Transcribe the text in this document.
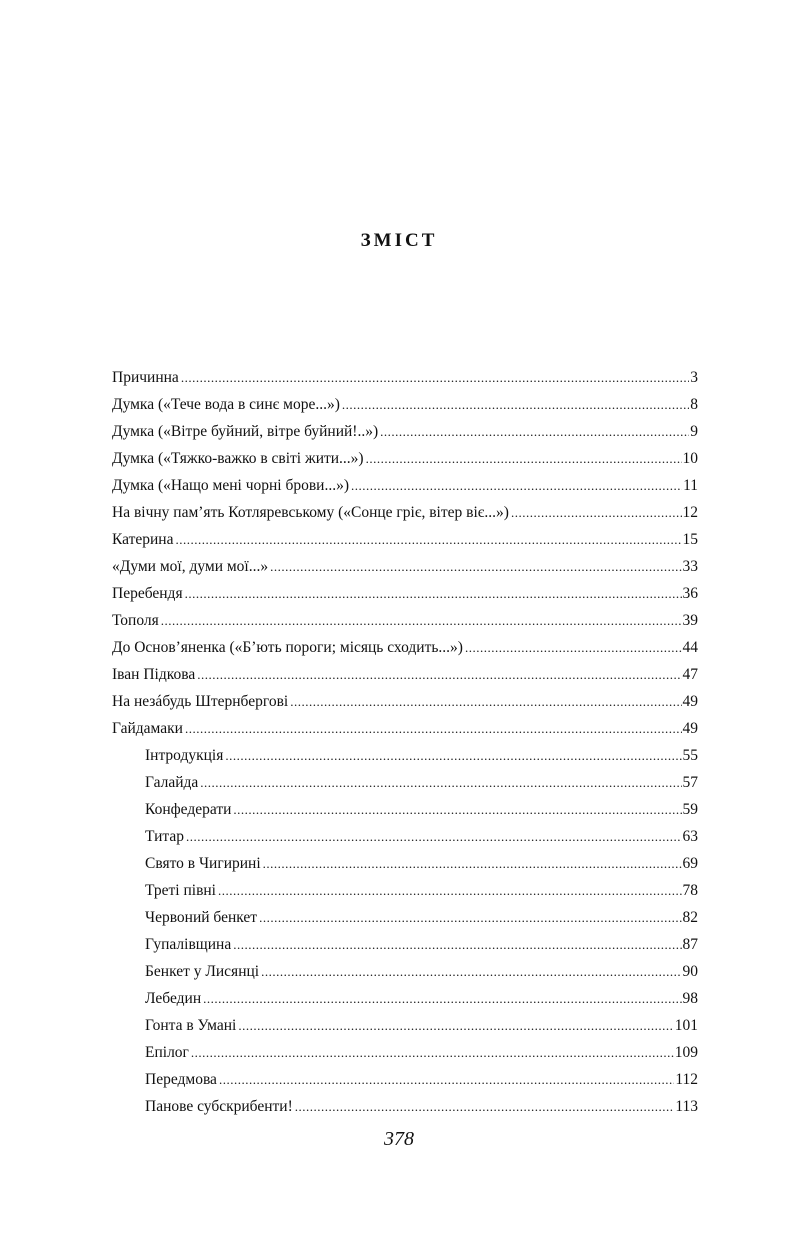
ЗМІСТ
Причинна .....	3
Думка («Тече вода в синє море...») .....	8
Думка («Вітре буйний, вітре буйний!..») .....	9
Думка («Тяжко-важко в світі жити...») .....	10
Думка («Нащо мені чорні брови...») .....	11
На вічну пам’ять Котляревському («Сонце гріє, вітер віє...») .....	12
Катерина .....	15
«Думи мої, думи мої...» .....	33
Перебендя .....	36
Тополя .....	39
До Основ’яненка («Б’ють пороги; місяць сходить...») .....	44
Іван Підкова .....	47
На незáбудь Штернбергові .....	49
Гайдамаки .....	49
Інтродукція .....	55
Галайда .....	57
Конфедерати .....	59
Титар .....	63
Свято в Чигирині .....	69
Треті півні .....	78
Червоний бенкет .....	82
Гупалівщина .....	87
Бенкет у Лисянці .....	90
Лебедин .....	98
Гонта в Умані .....	101
Епілог .....	109
Передмова .....	112
Панове субскрибенти! .....	113
378
